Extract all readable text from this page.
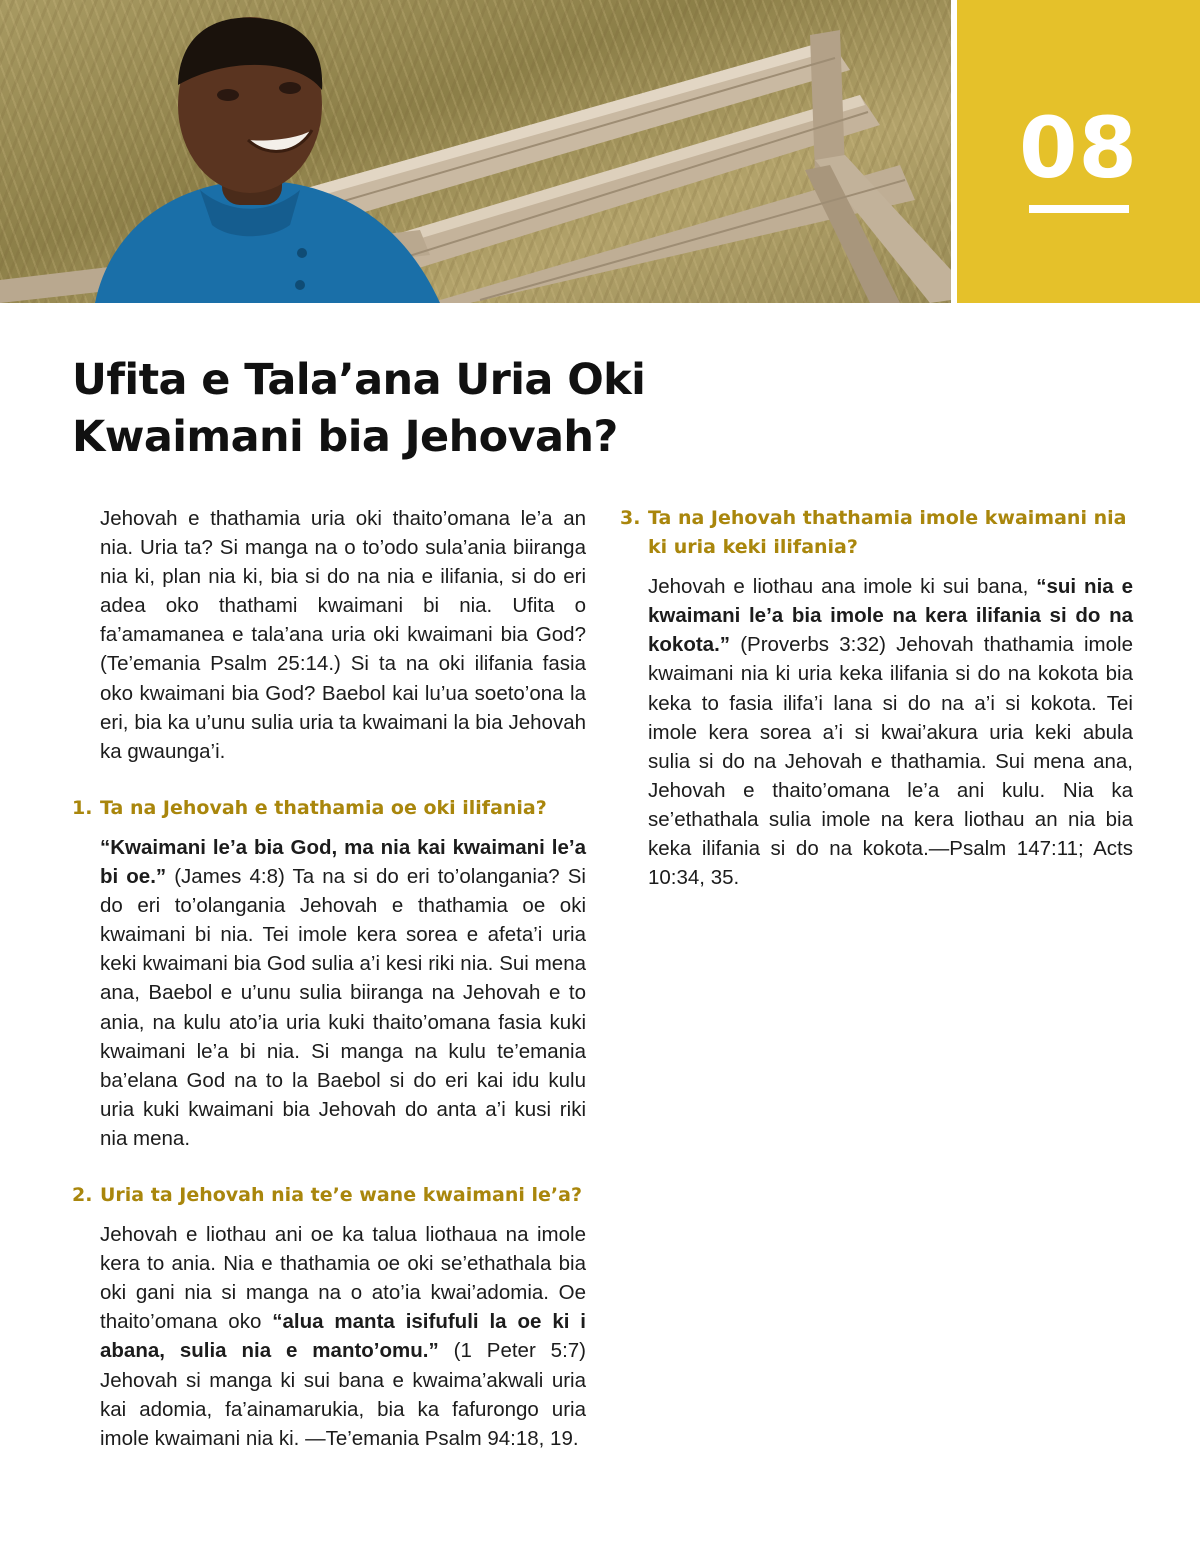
08
Ufita e Tala’ana Uria Oki
Kwaimani bia Jehovah?

Jehovah e thathamia uria oki thaito’omana le’a an nia. Uria ta? Si manga na o to’odo sula’ania biiranga nia ki, plan nia ki, bia si do na nia e ilifania, si do eri adea oko thathami kwaimani bi nia. Ufita o fa’amamanea e tala’ana uria oki kwaimani bia God? (Te’emania Psalm 25:14.) Si ta na oki ilifania fasia oko kwaimani bia God? Baebol kai lu’ua soeto’ona la eri, bia ka u’unu sulia uria ta kwaimani la bia Jehovah ka gwaunga’i.

1. Ta na Jehovah e thathamia oe oki ilifania?

“Kwaimani le’a bia God, ma nia kai kwaimani le’a bi oe.” (James 4:8) Ta na si do eri to’olangania? Si do eri to’olangania Jehovah e thathamia oe oki kwaimani bi nia. Tei imole kera sorea e afeta’i uria keki kwaimani bia God sulia a’i kesi riki nia. Sui mena ana, Baebol e u’unu sulia biiranga na Jehovah e to ania, na kulu ato’ia uria kuki thaito’omana fasia kuki kwaimani le’a bi nia. Si manga na kulu te’emania ba’elana God na to la Baebol si do eri kai idu kulu uria kuki kwaimani bia Jehovah do anta a’i kusi riki nia mena.

2. Uria ta Jehovah nia te’e wane kwaimani le’a?

Jehovah e liothau ani oe ka talua liothaua na imole kera to ania. Nia e thathamia oe oki se’ethathala bia oki gani nia si manga na o ato’ia kwai’adomia. Oe thaito’omana oko “alua manta isifufuli la oe ki i abana, sulia nia e manto’omu.” (1 Peter 5:7) Jehovah si manga ki sui bana e kwaima’akwali uria kai adomia, fa’ainamarukia, bia ka fafurongo uria imole kwaimani nia ki. —Te’emania Psalm 94:18, 19.

3. Ta na Jehovah thathamia imole kwaimani nia ki uria keki ilifania?

Jehovah e liothau ana imole ki sui bana, “sui nia e kwaimani le’a bia imole na kera ilifania si do na kokota.” (Proverbs 3:32) Jehovah thathamia imole kwaimani nia ki uria keka ilifania si do na kokota bia keka to fasia ilifa’i lana si do na a’i si kokota. Tei imole kera sorea a’i si kwai’akura uria keki abula sulia si do na Jehovah e thathamia. Sui mena ana, Jehovah e thaito’omana le’a ani kulu. Nia ka se’ethathala sulia imole na kera liothau an nia bia keka ilifania si do na kokota.—Psalm 147:11; Acts 10:34, 35.
